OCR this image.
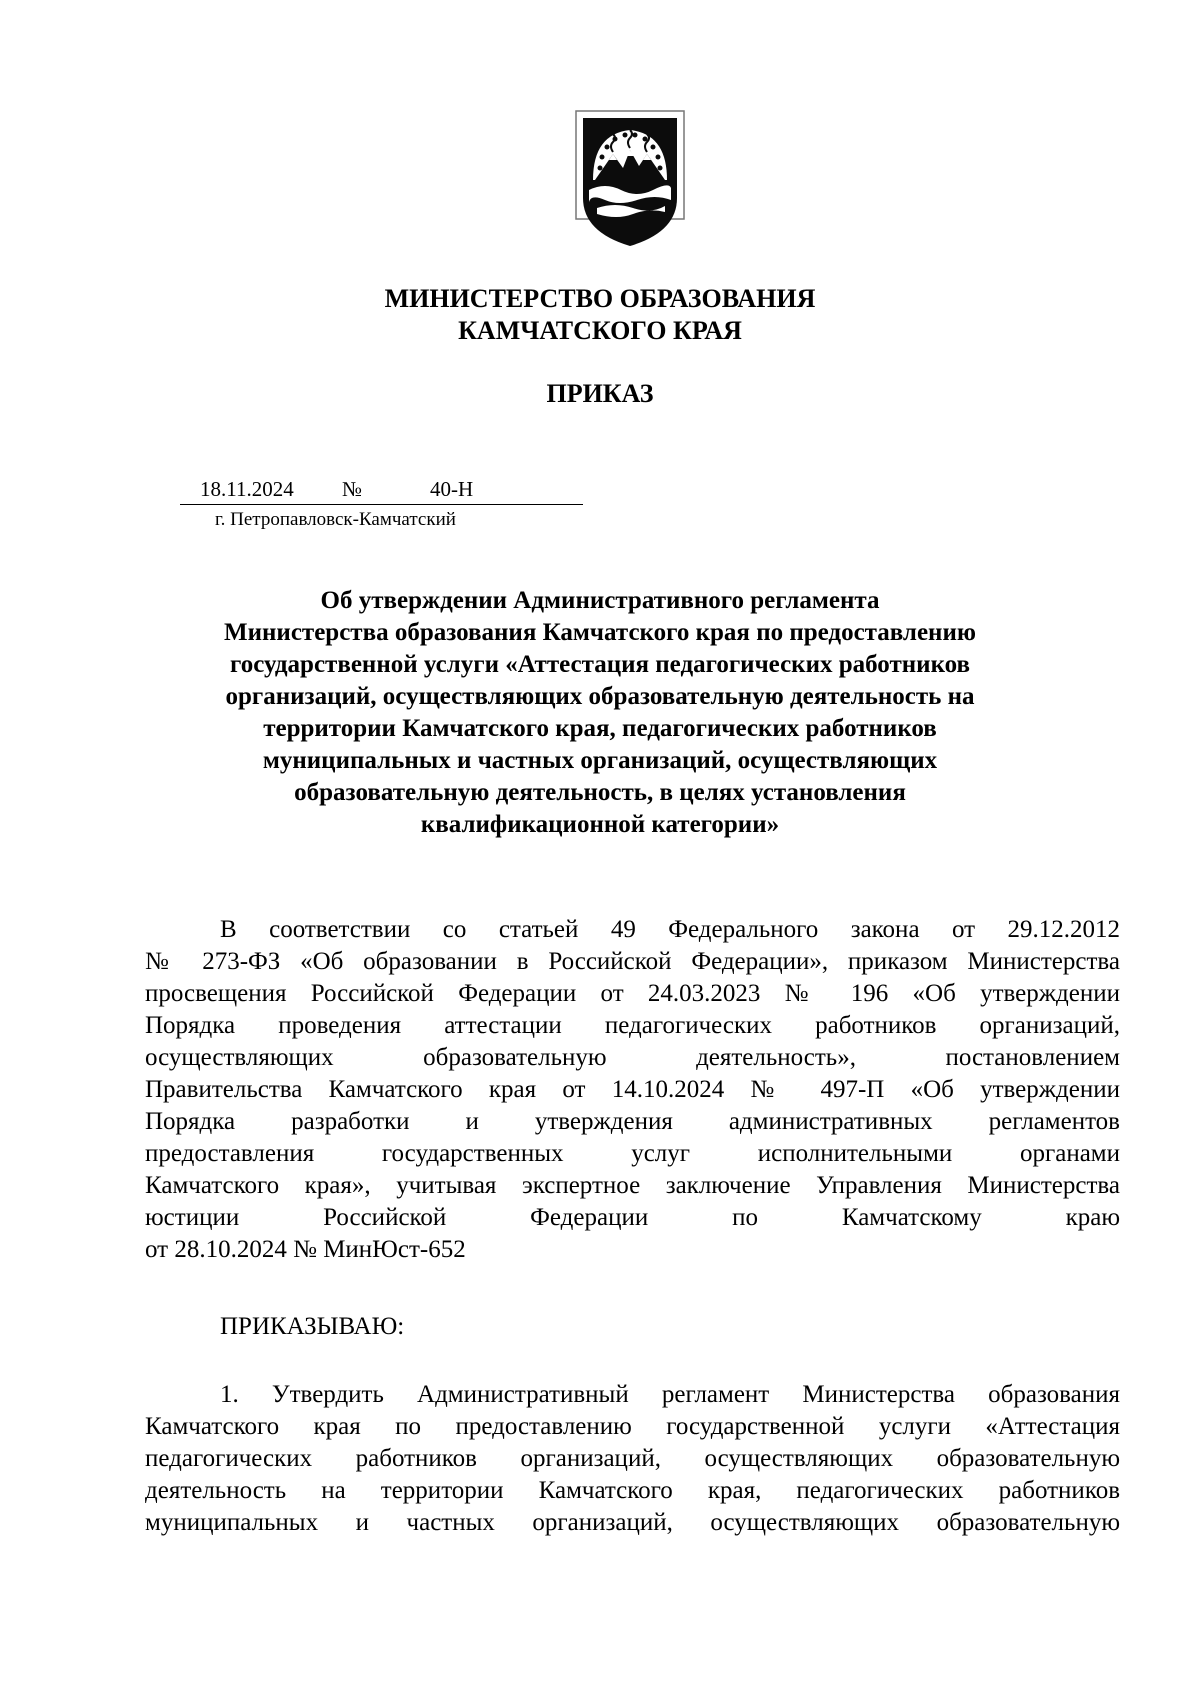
МИНИСТЕРСТВО ОБРАЗОВАНИЯ
КАМЧАТСКОГО КРАЯ
ПРИКАЗ
18.11.2024 №	40-Н
г. Петропавловск-Камчатский
Об утверждении Административного регламента
Министерства образования Камчатского края по предоставлению
государственной услуги «Аттестация педагогических работников
организаций, осуществляющих образовательную деятельность на
территории Камчатского края, педагогических работников
муниципальных и частных организаций, осуществляющих
образовательную деятельность, в целях установления
квалификационной категории»
В соответствии со статьей 49 Федерального закона от 29.12.2012
№ 273-ФЗ «Об образовании в Российской Федерации», приказом Министерства
просвещения Российской Федерации от 24.03.2023 № 196 «Об утверждении
Порядка проведения аттестации педагогических работников организаций,
осуществляющих образовательную деятельность», постановлением
Правительства Камчатского края от 14.10.2024 № 497-П «Об утверждении
Порядка разработки и утверждения административных регламентов
предоставления государственных услуг исполнительными органами
Камчатского края», учитывая экспертное заключение Управления Министерства
юстиции Российской Федерации по Камчатскому краю
от 28.10.2024 № МинЮст-652
ПРИКАЗЫВАЮ:
1. Утвердить Административный регламент Министерства образования
Камчатского края по предоставлению государственной услуги «Аттестация
педагогических работников организаций, осуществляющих образовательную
деятельность на территории Камчатского края, педагогических работников
муниципальных и частных организаций, осуществляющих образовательную
